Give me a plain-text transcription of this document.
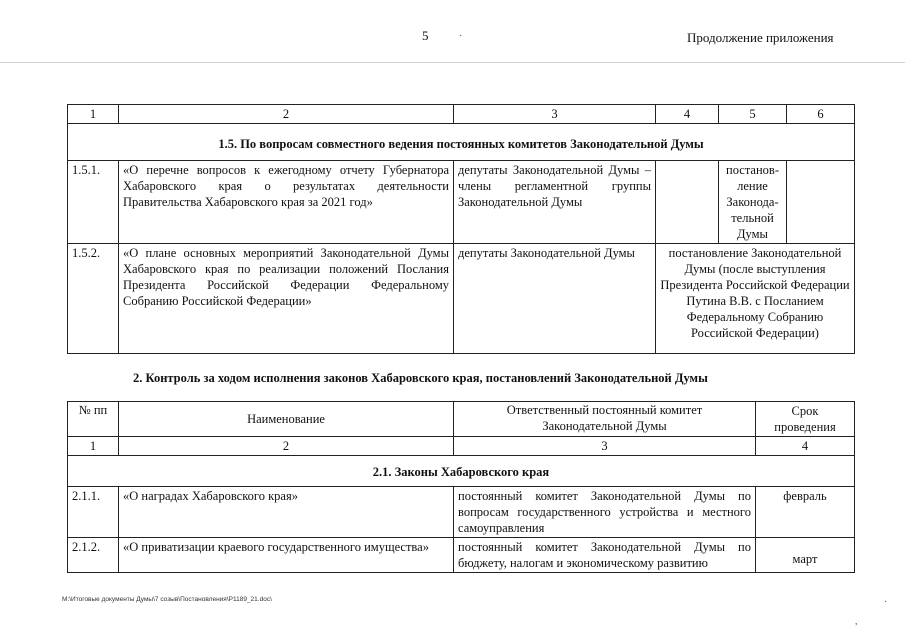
5	Продолжение приложения
·
1	2	3	4	5	6
1.5. По вопросам совместного ведения постоянных комитетов Законодательной Думы					
1.5.1.	«О перечне вопросов к ежегодному отчету Губернатора Хабаровского края о результатах деятельности Правительства Хабаровского края за 2021 год»	депутаты Законодательной Думы – члены регламентной группы Законодательной Думы		постанов-ление Законода-тельной Думы	
1.5.2.	«О плане основных мероприятий Законодательной Думы Хабаровского края по реализации положений Послания Президента Российской Федерации Федеральному Собранию Российской Федерации»	депутаты Законодательной Думы	постановление Законодательной Думы (после выступления Президента Российской Федерации Путина В.В. с Посланием Федеральному Собранию Российской Федерации)		
2. Контроль за ходом исполнения законов Хабаровского края, постановлений Законодательной Думы
№ пп	Наименование	Ответственный постоянный комитет Законодательной Думы	Срок проведения
1	2	3	4
2.1. Законы Хабаровского края			
2.1.1.	«О наградах Хабаровского края»	постоянный комитет Законодательной Думы по вопросам государственного устройства и местного самоуправления	февраль
2.1.2.	«О приватизации краевого государственного имущества»	постоянный комитет Законодательной Думы по бюджету, налогам и экономическому развитию	март
М:\Итоговые документы Думы\7 созыв\Постановления\Р1189_21.doc\	·
,
